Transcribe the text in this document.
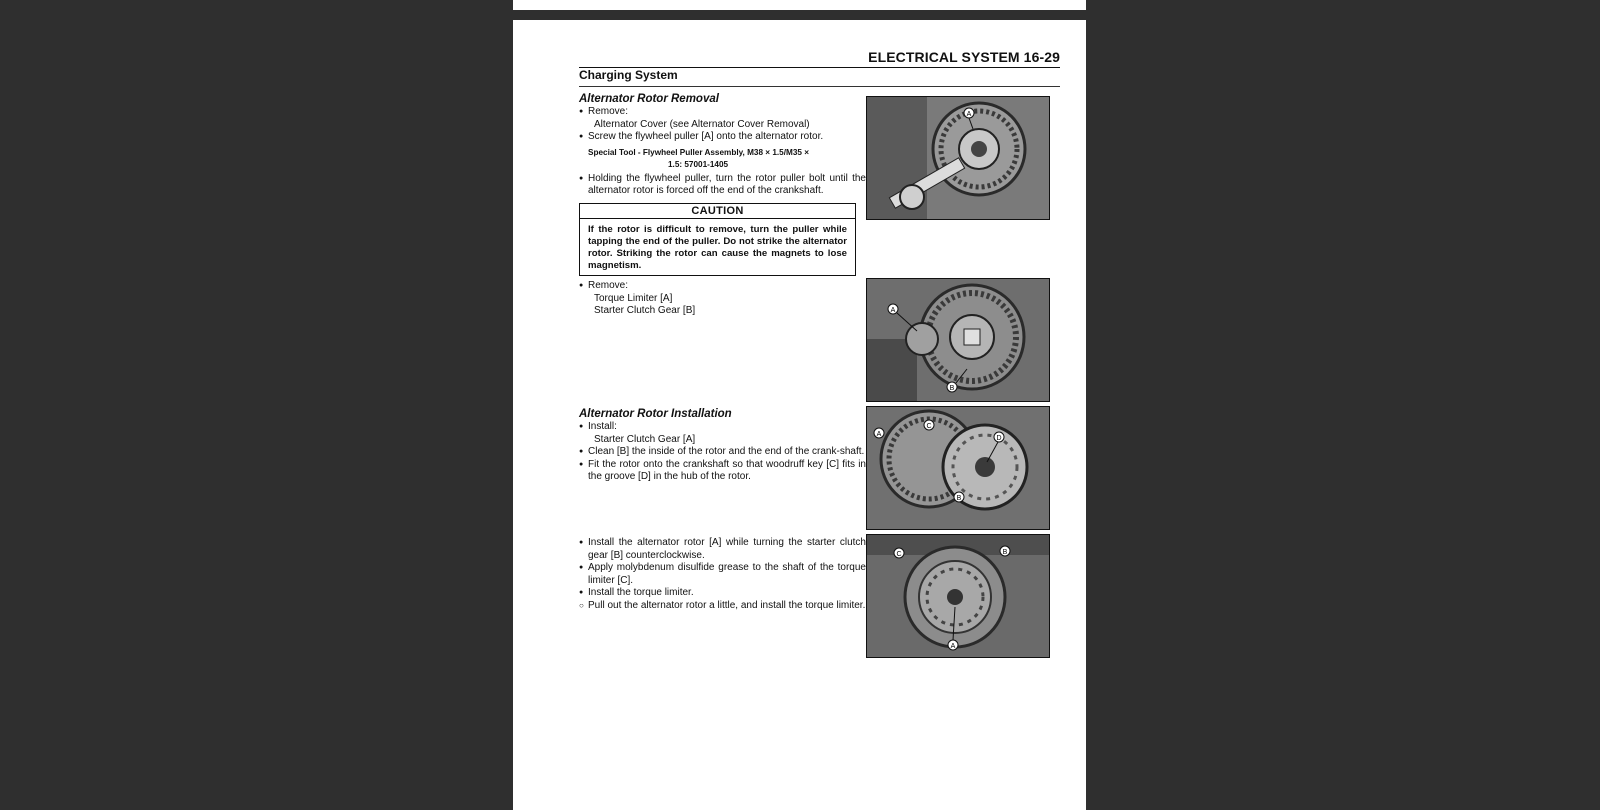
ELECTRICAL SYSTEM 16-29
Charging System
Alternator Rotor Removal
● Remove:
Alternator Cover (see Alternator Cover Removal)
● Screw the flywheel puller [A] onto the alternator rotor.
Special Tool - Flywheel Puller Assembly, M38 × 1.5/M35 ×
1.5: 57001-1405
● Holding the flywheel puller, turn the rotor puller bolt until the alternator rotor is forced off the end of the crankshaft.
CAUTION
If the rotor is difficult to remove, turn the puller while tapping the end of the puller. Do not strike the alternator rotor. Striking the rotor can cause the magnets to lose magnetism.
● Remove:
Torque Limiter [A]
Starter Clutch Gear [B]
Alternator Rotor Installation
● Install:
Starter Clutch Gear [A]
● Clean [B] the inside of the rotor and the end of the crank-shaft.
● Fit the rotor onto the crankshaft so that woodruff key [C] fits in the groove [D] in the hub of the rotor.
● Install the alternator rotor [A] while turning the starter clutch gear [B] counterclockwise.
● Apply molybdenum disulfide grease to the shaft of the torque limiter [C].
● Install the torque limiter.
○ Pull out the alternator rotor a little, and install the torque limiter.
A
A
B
A
C
D
B
C	B
A
